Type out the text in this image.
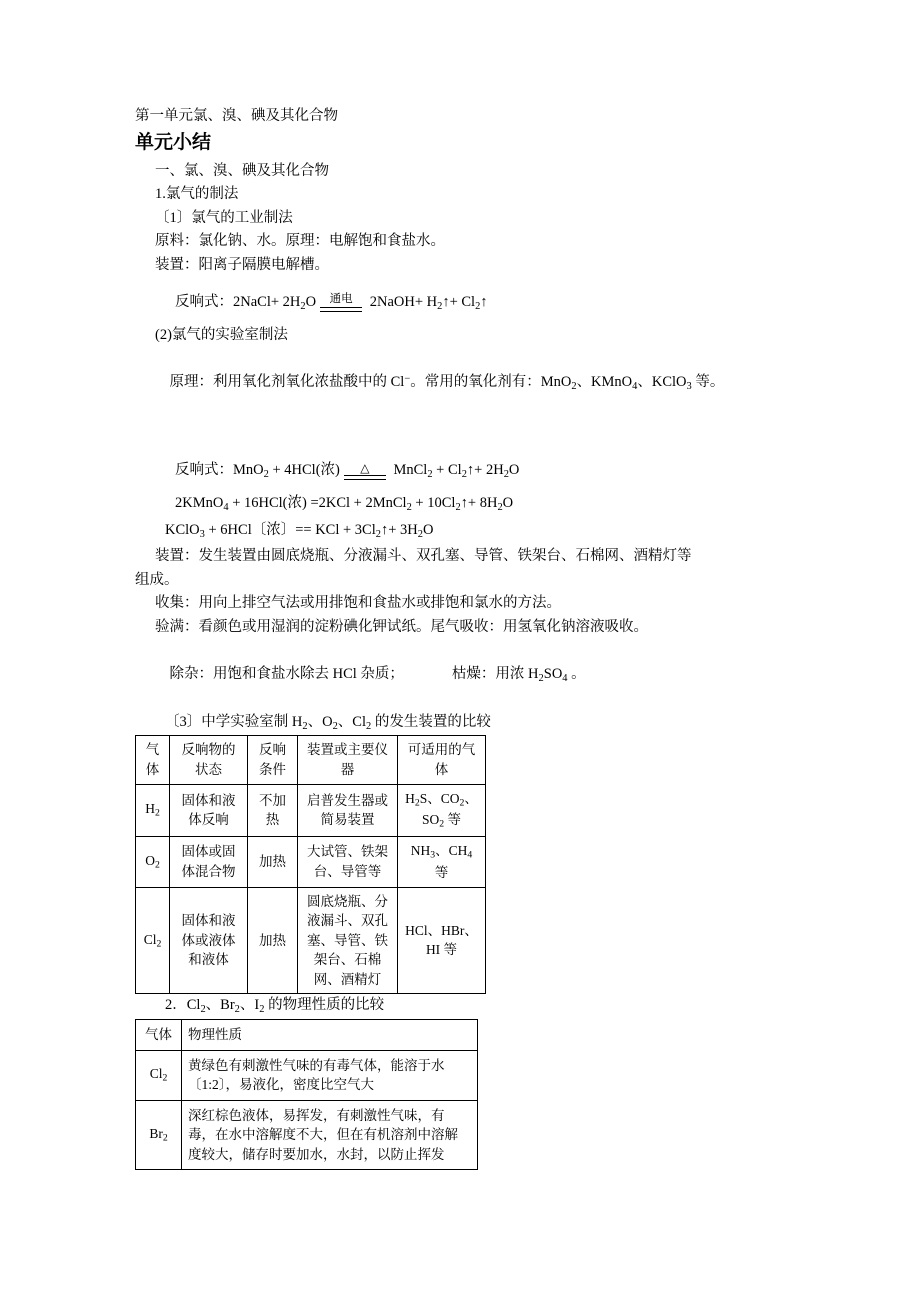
第一单元氯、溴、碘及其化合物
单元小结
一、氯、溴、碘及其化合物
1.氯气的制法
〔1〕氯气的工业制法
原料：氯化钠、水。原理：电解饱和食盐水。
装置：阳离子隔膜电解槽。
反响式：2NaCl+ $2H_2O$	通电 2NaOH+ $H_2↑+$ $Cl_2↑$
(2)氯气的实验室制法

原理：利用氧化剂氧化浓盐酸中的 Cl−。常用的氧化剂有：MnO$_2$、KMnO$_4$、KClO$_3$ 等。

反响式：MnO$_2$ + 4HCl(浓)	△	MnCl$_2$ + $Cl_2↑+ 2H_2O$
2KMnO$_4$ + 16HCl(浓) =2KCl + 2MnCl$_2$ + $10Cl_2↑+ 8H_2O$
KClO$_3$ + 6HCl〔浓〕== KCl + $3Cl_2↑+ 3H_2O$
装置：发生装置由圆底烧瓶、分液漏斗、双孔塞、导管、铁架台、石棉网、酒精灯等
组成。
收集：用向上排空气法或用排饱和食盐水或排饱和氯水的方法。
验满：看颜色或用湿润的淀粉碘化钾试纸。尾气吸收：用氢氧化钠溶液吸收。

除杂：用饱和食盐水除去 HCl 杂质；	枯燥：用浓 $H_2SO_4$ 。

〔3〕中学实验室制 $H_2$、$O_2$、$Cl_2$ 的发生装置的比较
气体	反响物的状态	反响条件	装置或主要仪器	可适用的气体
$H_2$	固体和液体反响	不加热	启普发生器或简易装置	$H_2S$、$CO_2$、$SO_2$ 等
$O_2$	固体或固体混合物	加热	大试管、铁架台、导管等	$NH_3$、$CH_4$ 等
$Cl_2$	固体和液体或液体和液体	加热	圆底烧瓶、分液漏斗、双孔塞、导管、铁架台、石棉网、酒精灯	HCl、HBr、HI 等
2．$Cl_2$、$Br_2$、$I_2$ 的物理性质的比较
气体	物理性质
$Cl_2$	黄绿色有刺激性气味的有毒气体，能溶于水〔1:2〕，易液化，密度比空气大
$Br_2$	深红棕色液体，易挥发，有刺激性气味，有毒，在水中溶解度不大，但在有机溶剂中溶解度较大，储存时要加水，水封，以防止挥发
